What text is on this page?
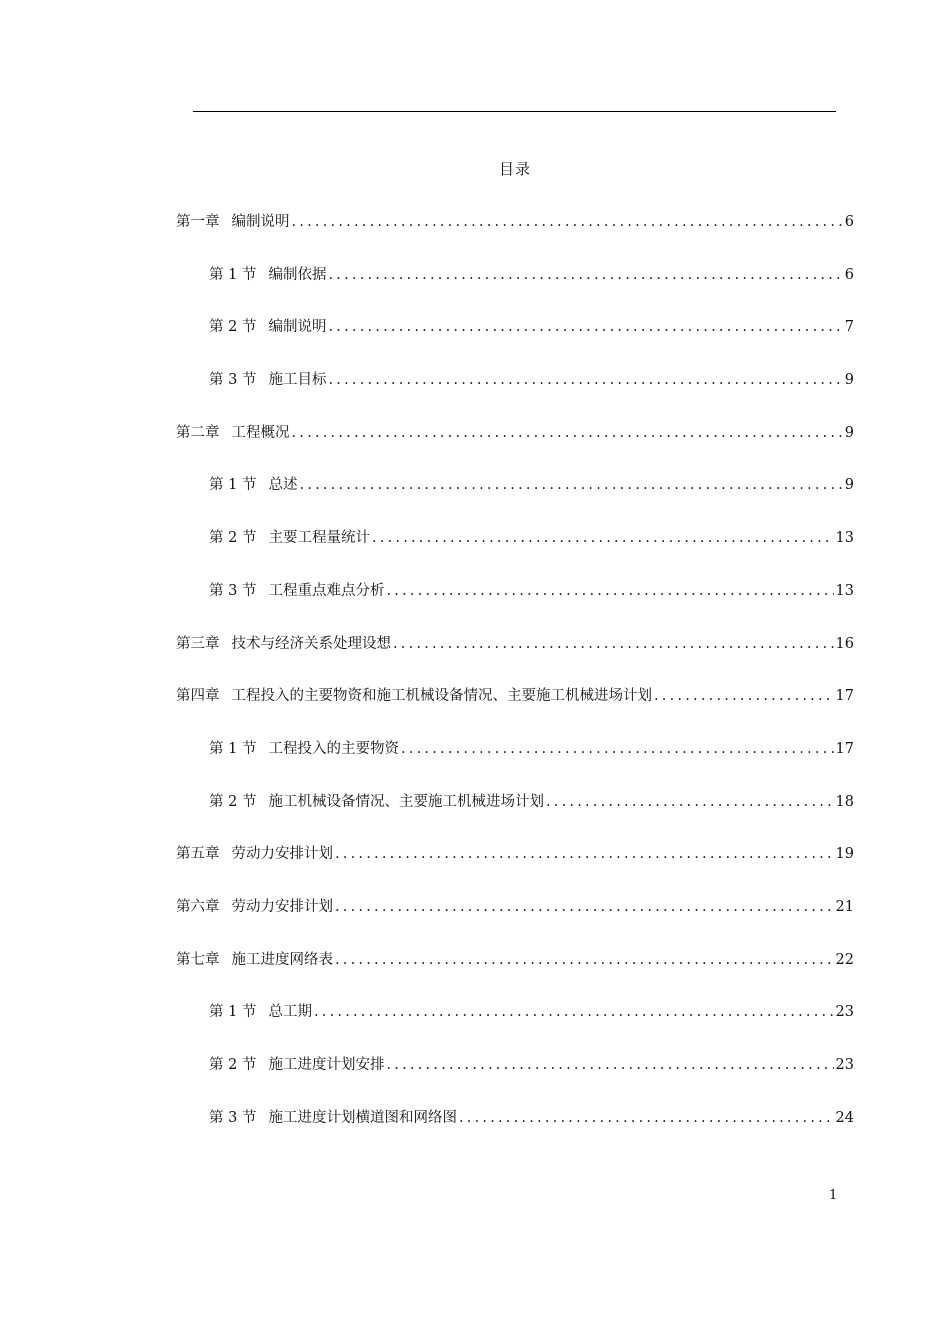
目录
第一章 编制说明 .....	6
第 1 节 编制依据 .....	6
第 2 节 编制说明 .....	7
第 3 节 施工目标 .....	9
第二章 工程概况 .....	9
第 1 节 总述 .....	9
第 2 节 主要工程量统计 .....	13
第 3 节 工程重点难点分析 .....	13
第三章 技术与经济关系处理设想 .....	16
第四章 工程投入的主要物资和施工机械设备情况、主要施工机械进场计划 .....	17
第 1 节 工程投入的主要物资 .....	17
第 2 节 施工机械设备情况、主要施工机械进场计划 .....	18
第五章 劳动力安排计划 .....	19
第六章 劳动力安排计划 .....	21
第七章 施工进度网络表 .....	22
第 1 节 总工期 .....	23
第 2 节 施工进度计划安排 .....	23
第 3 节 施工进度计划横道图和网络图 .....	24
1
